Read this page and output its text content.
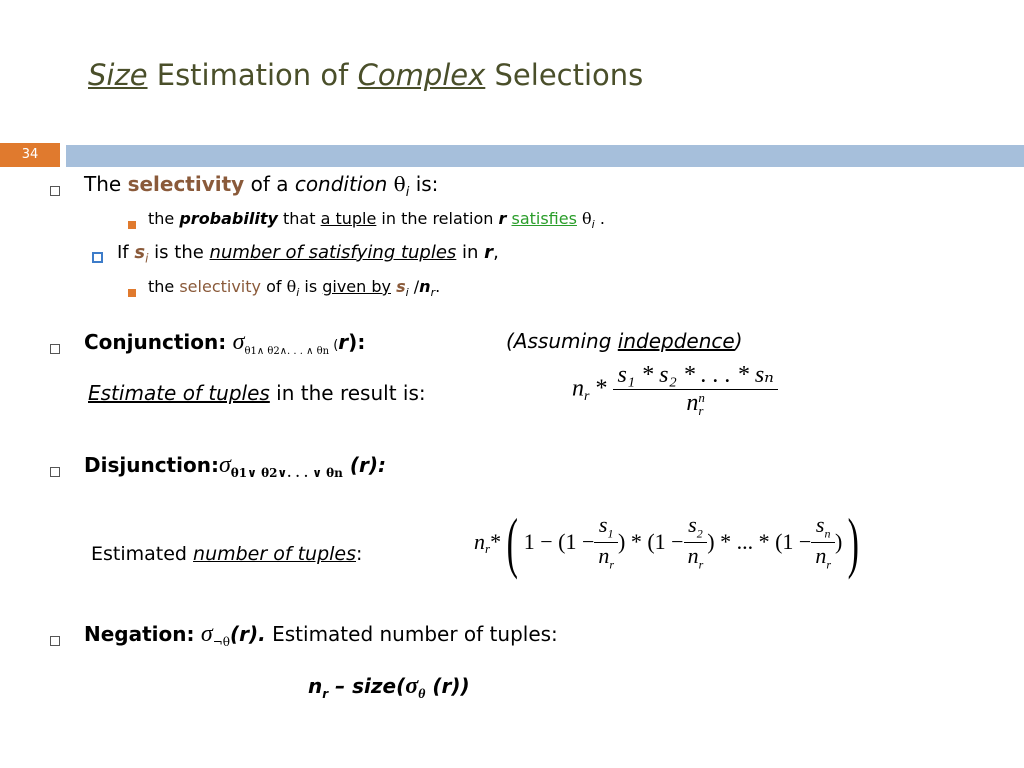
Size Estimation of Complex Selections
34
The selectivity of a condition $\theta_i$ is:
the probability that a tuple in the relation r satisfies $\theta_i$ .
If $s_i$ is the number of satisfying tuples in r,
the selectivity of $\theta_i$ is given by $s_i$ $/n_r$.
Conjunction: $\sigma_{\theta 1\wedge \theta 2\wedge. . . \wedge \theta n}$ (r):	(Assuming indepdence)
Estimate of tuples in the result is:	$n_r * s_1 * s_2$ * . . . * sₙ
n n
r
$Disjunction:\sigma_{\theta 1\vee \theta 2\vee. . . \vee \theta n}$ (r):
Estimated number of tuples:	$n_r$ * ( $1 - (1 - \frac{s_1}{n_r}$ ) * ($1 - \frac{s_2}{n_r}$ ) * ... * ($1 - \frac{s_n}{n_r}$ ) )
Negation: $\sigma_{\neg\theta}(r)$. Estimated number of tuples:
$n_r$ – $size(\sigma_\theta$ (r))
